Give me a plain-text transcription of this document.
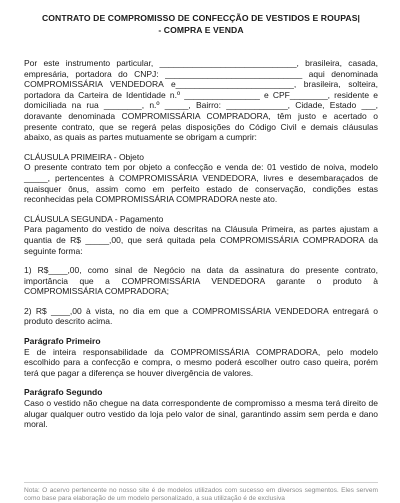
CONTRATO DE COMPROMISSO DE CONFECÇÃO DE VESTIDOS E ROUPAS|
- COMPRA E VENDA

Por este instrumento particular, _____________________________, brasileira, casada, empresária, portadora do CNPJ: _____________________________ aqui denominada COMPROMISSÁRIA VENDEDORA e_________________________, brasileira, solteira, portadora da Carteira de Identidade n.º ________________ e CPF________, residente e domiciliada na rua ________, n.º _____, Bairro: _____________, Cidade, Estado ___, doravante denominada COMPROMISSÁRIA COMPRADORA, têm justo e acertado o presente contrato, que se regerá pelas disposições do Código Civil e demais cláusulas abaixo, as quais as partes mutuamente se obrigam a cumprir:

CLÁUSULA PRIMEIRA - Objeto

O presente contrato tem por objeto a confecção e venda de: 01 vestido de noiva, modelo _____, pertencentes à COMPROMISSÁRIA VENDEDORA, livres e desembaraçados de quaisquer ônus, assim como em perfeito estado de conservação, condições estas reconhecidas pela COMPROMISSÁRIA COMPRADORA neste ato.

CLÁUSULA SEGUNDA - Pagamento

Para pagamento do vestido de noiva descritas na Cláusula Primeira, as partes ajustam a quantia de R$ _____,00, que será quitada pela COMPROMISSÁRIA COMPRADORA da seguinte forma:

1) R$____,00, como sinal de Negócio na data da assinatura do presente contrato, importância que a COMPROMISSÁRIA VENDEDORA garante o produto à COMPROMISSÁRIA COMPRADORA;

2) R$ ____,00 à vista, no dia em que a COMPROMISSÁRIA VENDEDORA entregará o produto descrito acima.

Parágrafo Primeiro

E de inteira responsabilidade da COMPROMISSÁRIA COMPRADORA, pelo modelo escolhido para a confecção e compra, o mesmo poderá escolher outro caso queira, porém terá que pagar a diferença se houver divergência de valores.

Parágrafo Segundo

Caso o vestido não chegue na data correspondente de compromisso a mesma terá direito de alugar qualquer outro vestido da loja pelo valor de sinal, garantindo assim sem perda e dano moral.

Nota: O acervo pertencente no nosso site é de modelos utilizados com sucesso em diversos segmentos. Eles servem como base para elaboração de um modelo personalizado, a sua utilização é de exclusiva
